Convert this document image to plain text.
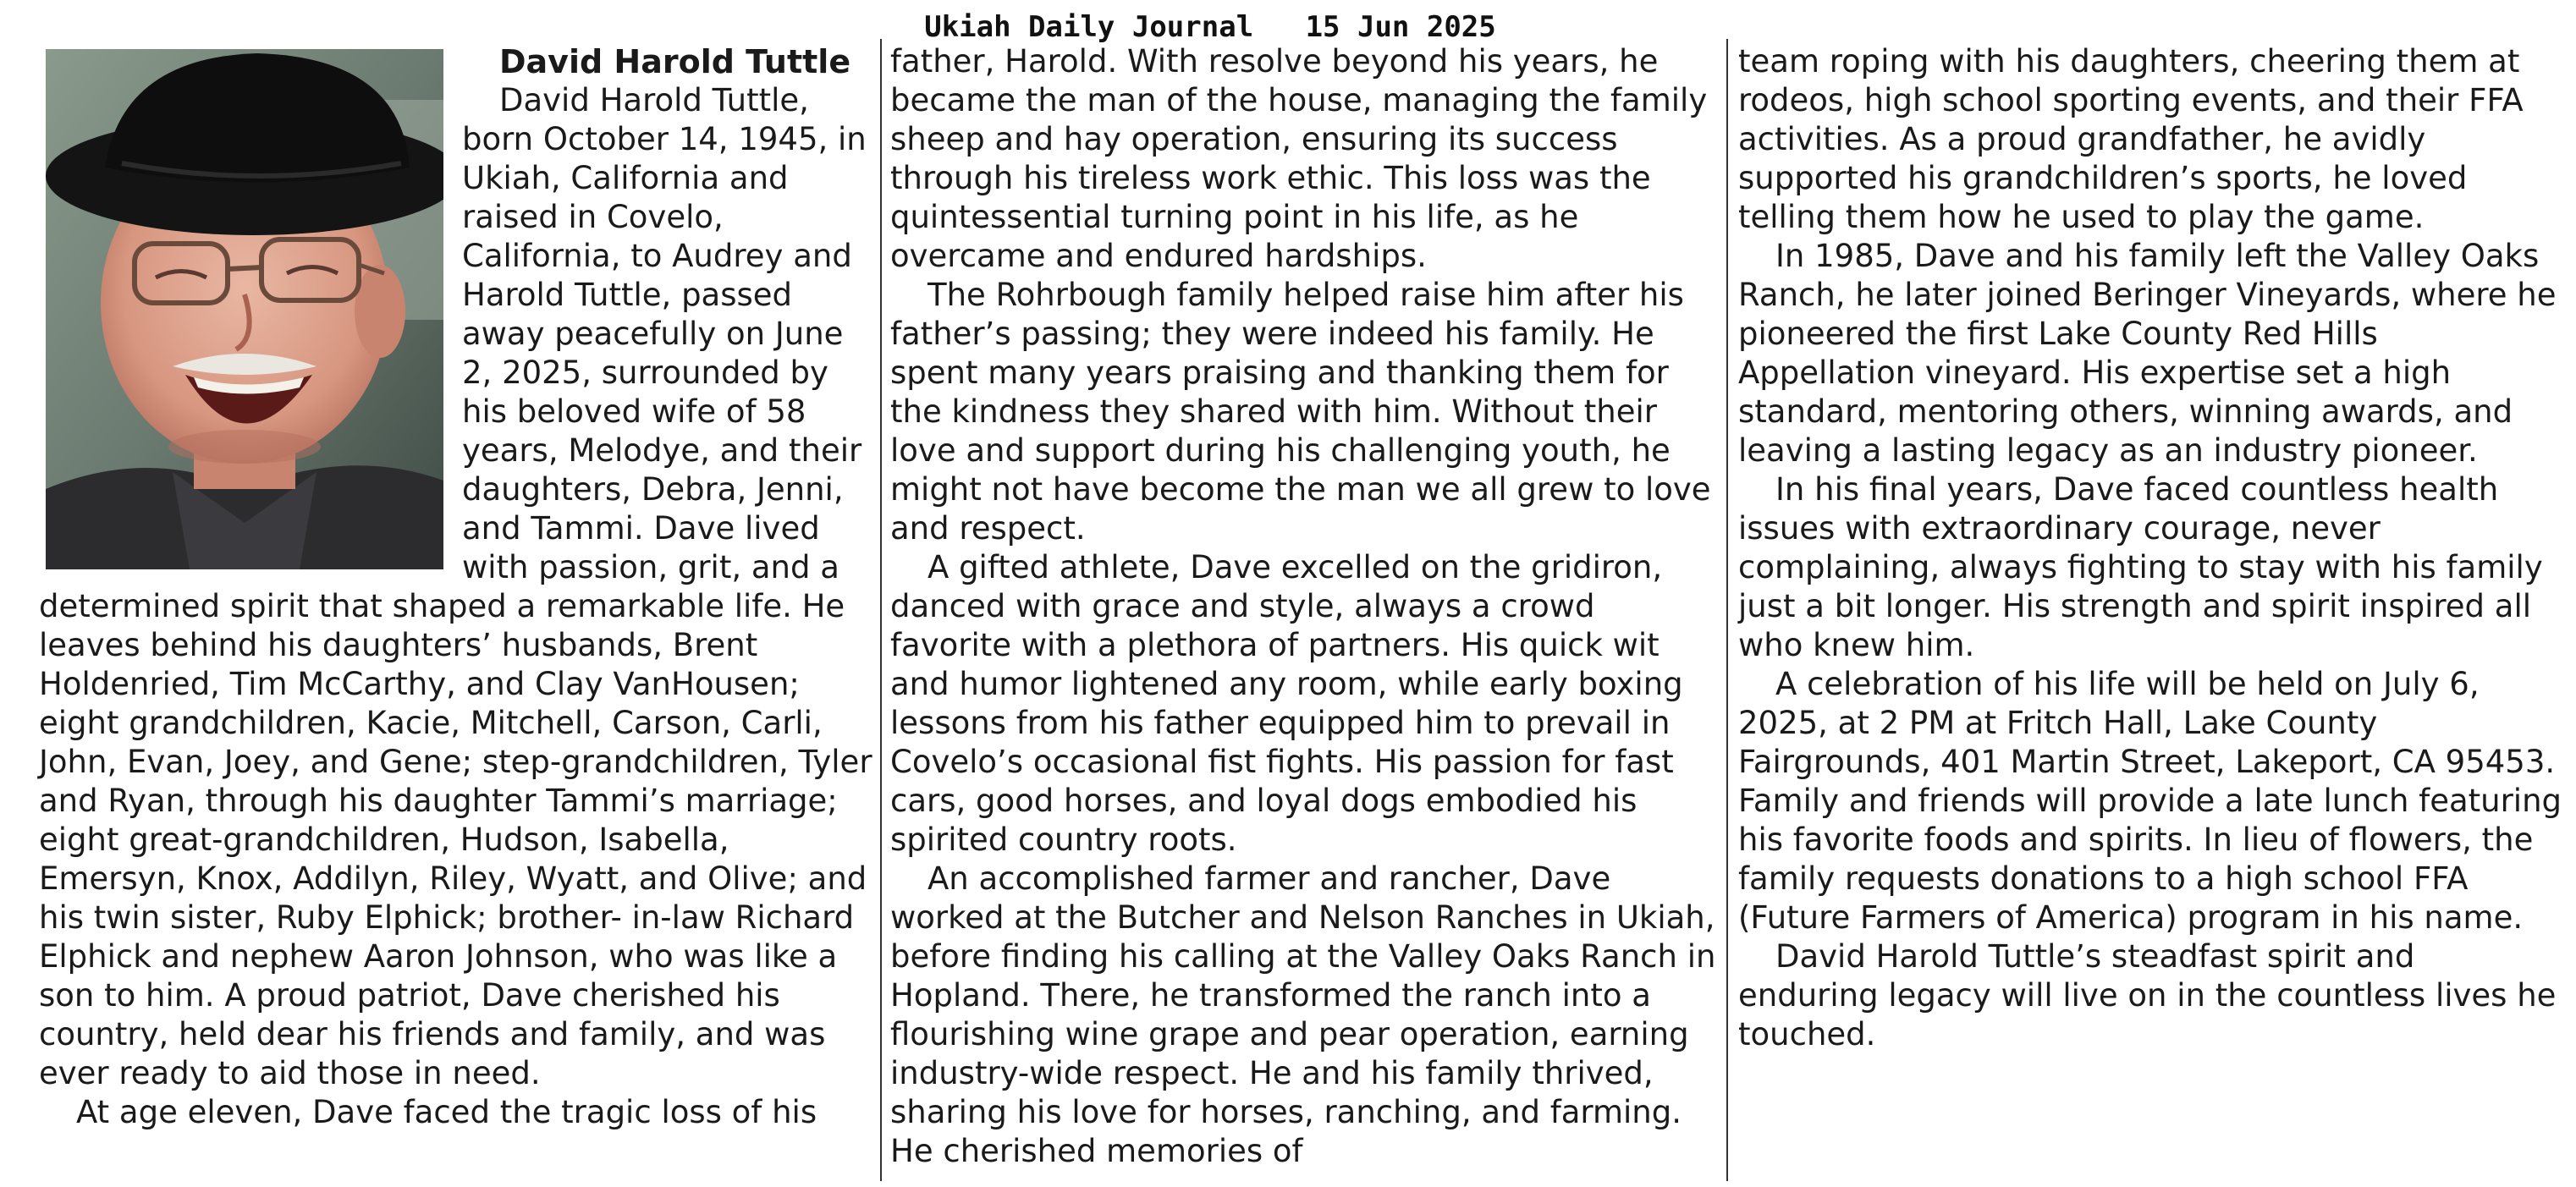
Ukiah Daily Journal   15 Jun 2025

David Harold Tuttle

David Harold Tuttle, born October 14, 1945, in Ukiah, California and raised in Covelo, California, to Audrey and Harold Tuttle, passed away peacefully on June 2, 2025, surrounded by his beloved wife of 58 years, Melodye, and their daughters, Debra, Jenni, and Tammi. Dave lived with passion, grit, and a determined spirit that shaped a remarkable life. He leaves behind his daughters’ husbands, Brent Holdenried, Tim McCarthy, and Clay VanHousen; eight grandchildren, Kacie, Mitchell, Carson, Carli, John, Evan, Joey, and Gene; step-grandchildren, Tyler and Ryan, through his daughter Tammi’s marriage; eight great-grandchildren, Hudson, Isabella, Emersyn, Knox, Addilyn, Riley, Wyatt, and Olive; and his twin sister, Ruby Elphick; brother- in-law Richard Elphick and nephew Aaron Johnson, who was like a son to him. A proud patriot, Dave cherished his country, held dear his friends and family, and was ever ready to aid those in need.

At age eleven, Dave faced the tragic loss of his

father, Harold. With resolve beyond his years, he became the man of the house, managing the family sheep and hay operation, ensuring its success through his tireless work ethic. This loss was the quintessential turning point in his life, as he overcame and endured hardships.

The Rohrbough family helped raise him after his father’s passing; they were indeed his family. He spent many years praising and thanking them for the kindness they shared with him. Without their love and support during his challenging youth, he might not have become the man we all grew to love and respect.

A gifted athlete, Dave excelled on the gridiron, danced with grace and style, always a crowd favorite with a plethora of partners. His quick wit and humor lightened any room, while early boxing lessons from his father equipped him to prevail in Covelo’s occasional fist fights. His passion for fast cars, good horses, and loyal dogs embodied his spirited country roots.

An accomplished farmer and rancher, Dave worked at the Butcher and Nelson Ranches in Ukiah, before finding his calling at the Valley Oaks Ranch in Hopland. There, he transformed the ranch into a flourishing wine grape and pear operation, earning industry-wide respect. He and his family thrived, sharing his love for horses, ranching, and farming. He cherished memories of

team roping with his daughters, cheering them at rodeos, high school sporting events, and their FFA activities. As a proud grandfather, he avidly supported his grandchildren’s sports, he loved telling them how he used to play the game.

In 1985, Dave and his family left the Valley Oaks Ranch, he later joined Beringer Vineyards, where he pioneered the first Lake County Red Hills Appellation vineyard. His expertise set a high standard, mentoring others, winning awards, and leaving a lasting legacy as an industry pioneer.

In his final years, Dave faced countless health issues with extraordinary courage, never complaining, always fighting to stay with his family just a bit longer. His strength and spirit inspired all who knew him.

A celebration of his life will be held on July 6, 2025, at 2 PM at Fritch Hall, Lake County Fairgrounds, 401 Martin Street, Lakeport, CA 95453. Family and friends will provide a late lunch featuring his favorite foods and spirits. In lieu of flowers, the family requests donations to a high school FFA (Future Farmers of America) program in his name.

David Harold Tuttle’s steadfast spirit and enduring legacy will live on in the countless lives he touched.
